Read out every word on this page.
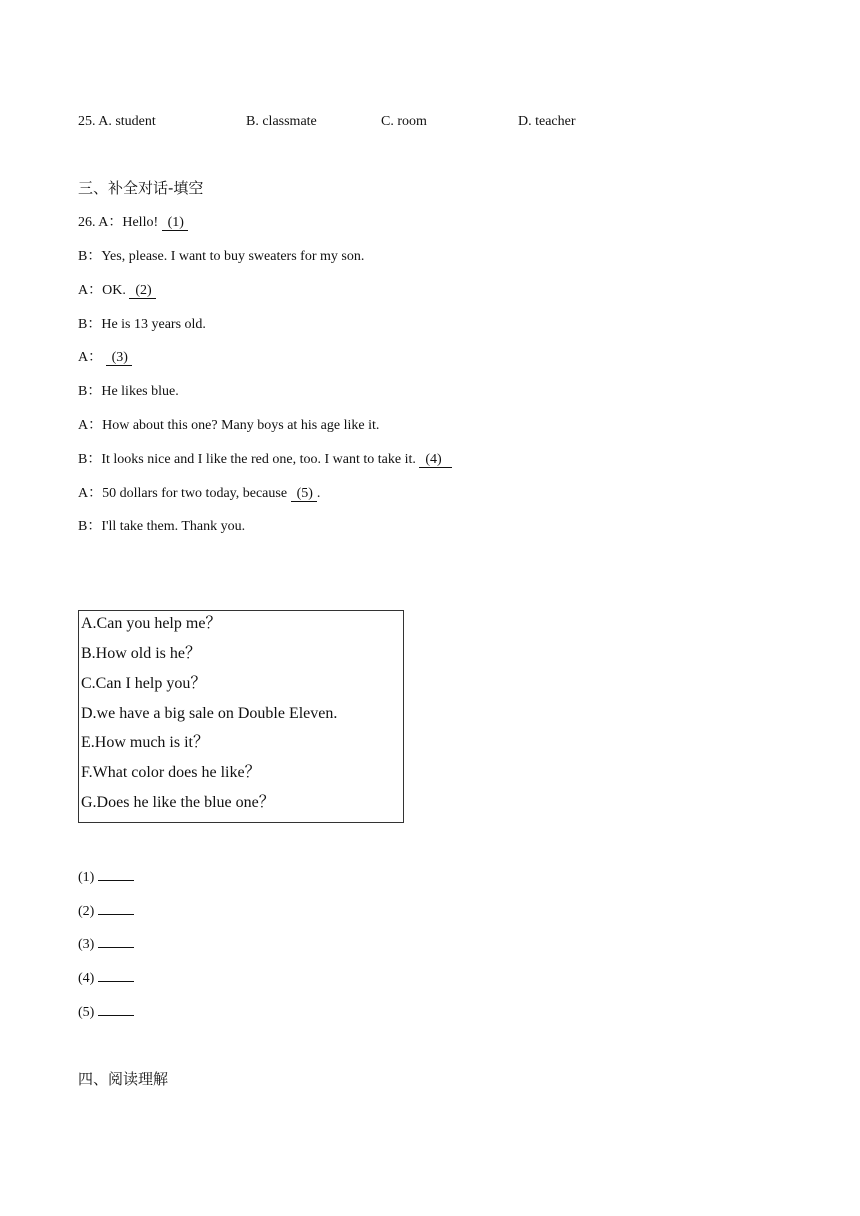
25. A. student	B. classmate	C. room	D. teacher
三、补全对话-填空
26. A：Hello! (1)
B：Yes, please. I want to buy sweaters for my son.
A：OK. (2)
B：He is 13 years old.
A： (3)
B：He likes blue.
A：How about this one? Many boys at his age like it.
B：It looks nice and I like the red one, too. I want to take it. (4)
A：50 dollars for two today, because (5) .
B：I'll take them. Thank you.
A.Can you help me？
B.How old is he？
C.Can I help you？
D.we have a big sale on Double Eleven.
E.How much is it？
F.What color does he like？
G.Does he like the blue one？
(1)
(2)
(3)
(4)
(5)
四、阅读理解
